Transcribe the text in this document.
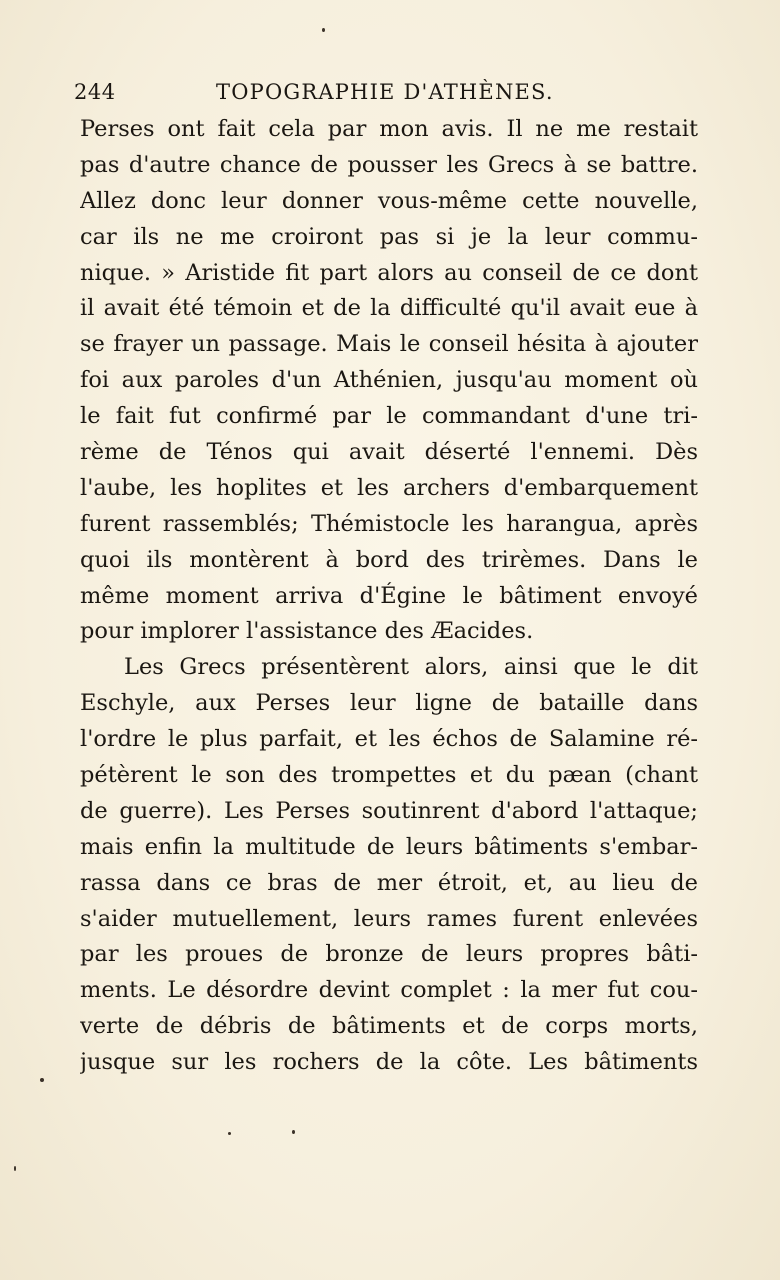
244	TOPOGRAPHIE D'ATHÈNES.
Perses ont fait cela par mon avis. Il ne me restait
pas d'autre chance de pousser les Grecs à se battre.
Allez donc leur donner vous-même cette nouvelle,
car ils ne me croiront pas si je la leur commu-
nique. » Aristide fit part alors au conseil de ce dont
il avait été témoin et de la difficulté qu'il avait eue à
se frayer un passage. Mais le conseil hésita à ajouter
foi aux paroles d'un Athénien, jusqu'au moment où
le fait fut confirmé par le commandant d'une tri-
rème de Ténos qui avait déserté l'ennemi. Dès
l'aube, les hoplites et les archers d'embarquement
furent rassemblés; Thémistocle les harangua, après
quoi ils montèrent à bord des trirèmes. Dans le
même moment arriva d'Égine le bâtiment envoyé
pour implorer l'assistance des Æacides.
Les Grecs présentèrent alors, ainsi que le dit
Eschyle, aux Perses leur ligne de bataille dans
l'ordre le plus parfait, et les échos de Salamine ré-
pétèrent le son des trompettes et du pæan (chant
de guerre). Les Perses soutinrent d'abord l'attaque;
mais enfin la multitude de leurs bâtiments s'embar-
rassa dans ce bras de mer étroit, et, au lieu de
s'aider mutuellement, leurs rames furent enlevées
par les proues de bronze de leurs propres bâti-
ments. Le désordre devint complet : la mer fut cou-
verte de débris de bâtiments et de corps morts,
jusque sur les rochers de la côte. Les bâtiments
